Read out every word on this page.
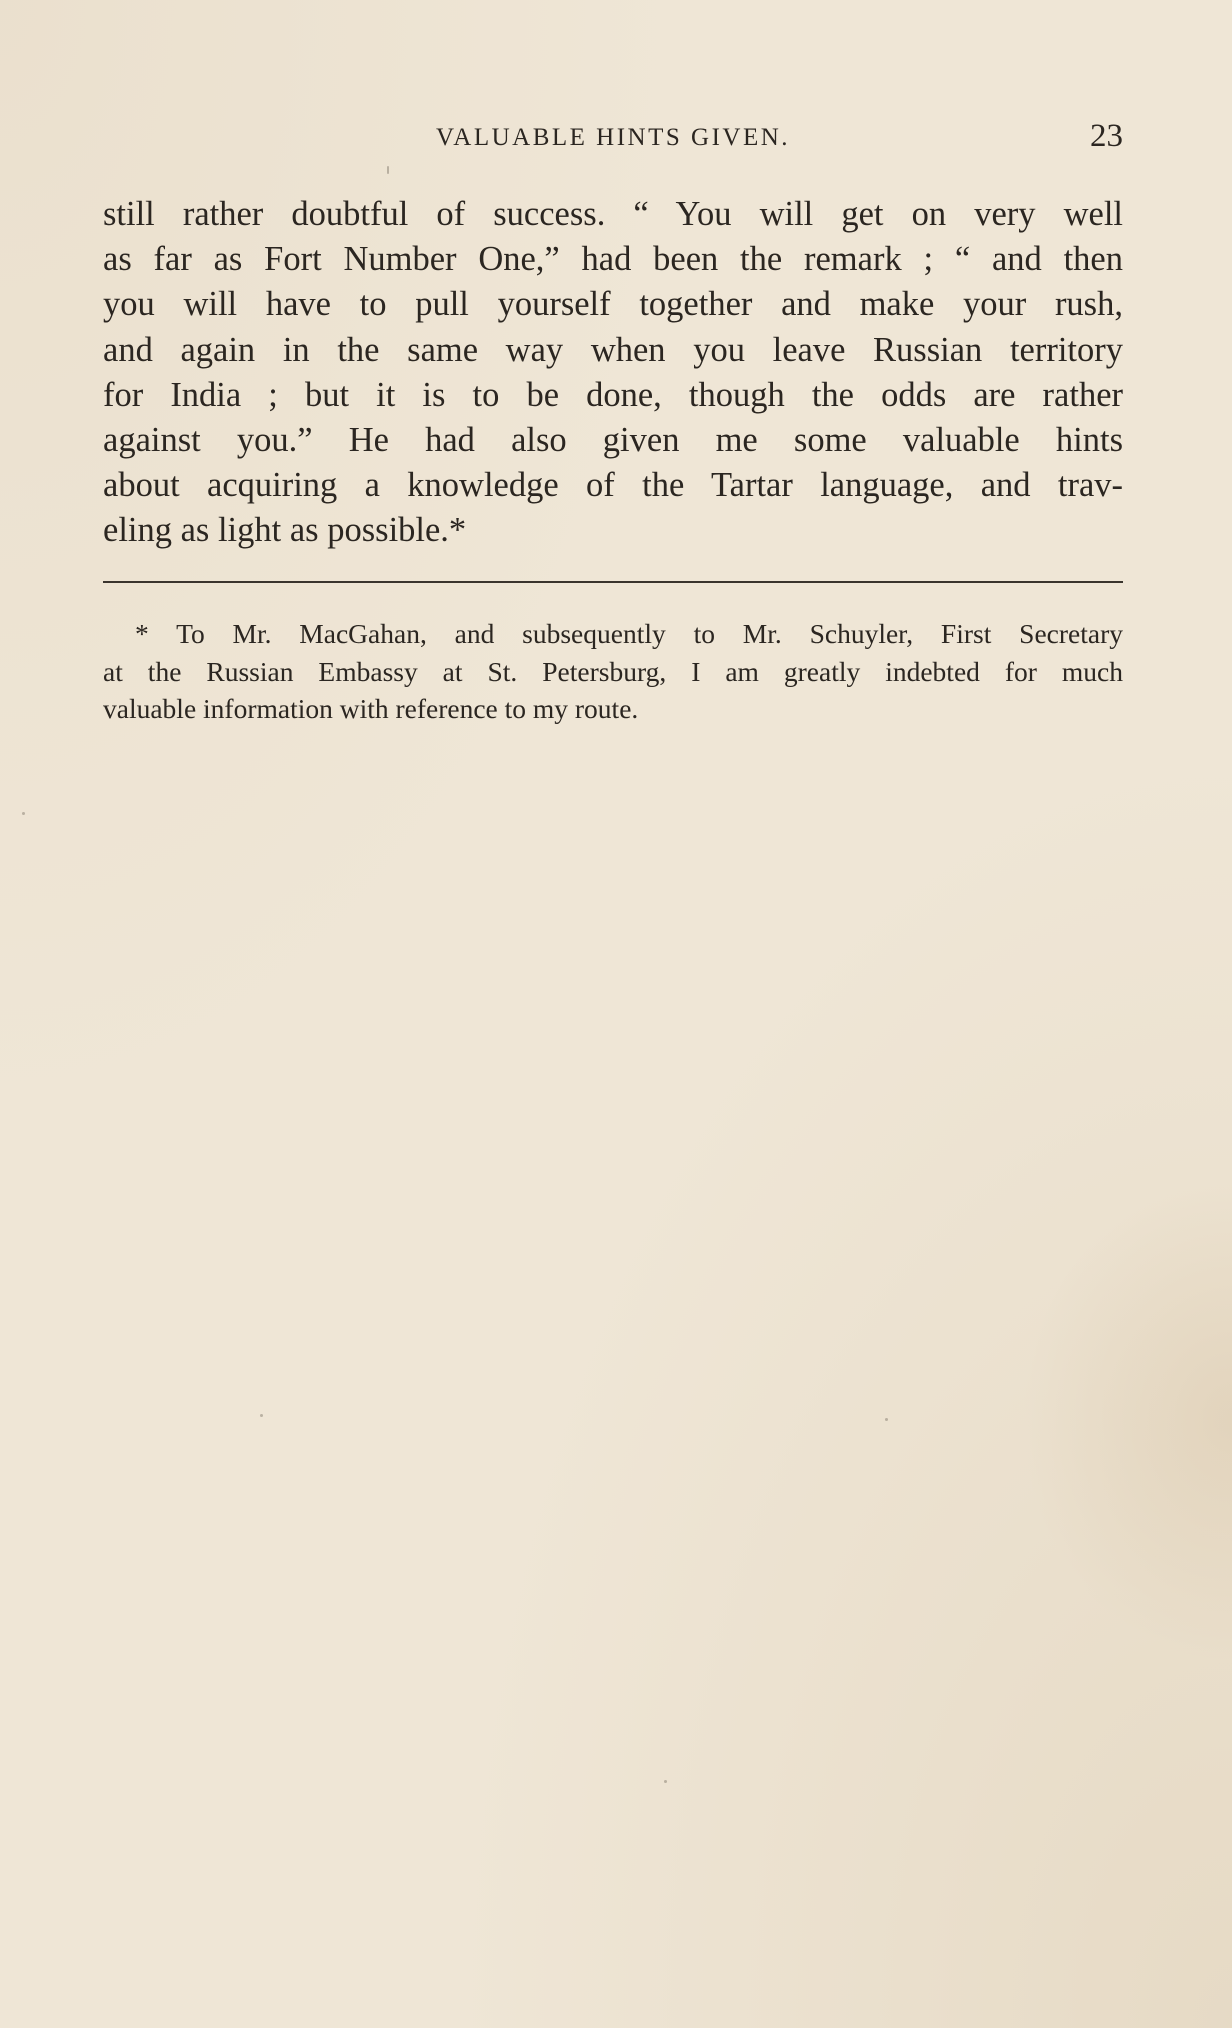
VALUABLE HINTS GIVEN.	23
still rather doubtful of success. “ You will get on very well
as far as Fort Number One,” had been the remark ; “ and then
you will have to pull yourself together and make your rush,
and again in the same way when you leave Russian territory
for India ; but it is to be done, though the odds are rather
against you.” He had also given me some valuable hints
about acquiring a knowledge of the Tartar language, and trav-
eling as light as possible.*
* To Mr. MacGahan, and subsequently to Mr. Schuyler, First Secretary
at the Russian Embassy at St. Petersburg, I am greatly indebted for much
valuable information with reference to my route.
